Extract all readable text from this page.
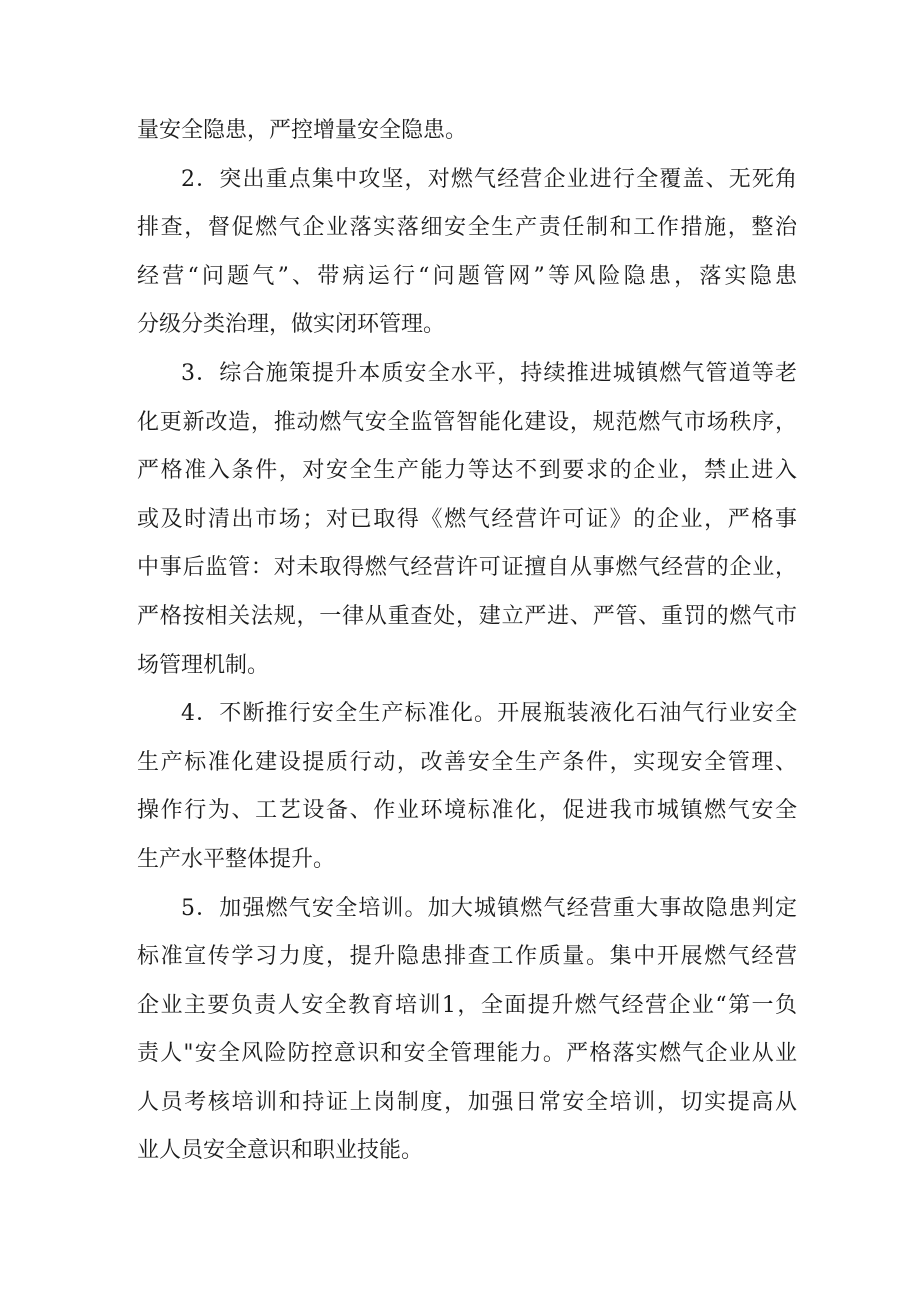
量安全隐患，严控增量安全隐患。
2．突出重点集中攻坚，对燃气经营企业进行全覆盖、无死角
排查，督促燃气企业落实落细安全生产责任制和工作措施，整治
经营“问题气”、带病运行“问题管网”等风险隐患，落实隐患
分级分类治理，做实闭环管理。
3．综合施策提升本质安全水平，持续推进城镇燃气管道等老
化更新改造，推动燃气安全监管智能化建设，规范燃气市场秩序，
严格准入条件，对安全生产能力等达不到要求的企业，禁止进入
或及时清出市场；对已取得《燃气经营许可证》的企业，严格事
中事后监管：对未取得燃气经营许可证擅自从事燃气经营的企业，
严格按相关法规，一律从重查处，建立严进、严管、重罚的燃气市
场管理机制。
4．不断推行安全生产标准化。开展瓶装液化石油气行业安全
生产标准化建设提质行动，改善安全生产条件，实现安全管理、
操作行为、工艺设备、作业环境标准化，促进我市城镇燃气安全
生产水平整体提升。
5．加强燃气安全培训。加大城镇燃气经营重大事故隐患判定
标准宣传学习力度，提升隐患排查工作质量。集中开展燃气经营
企业主要负责人安全教育培训1，全面提升燃气经营企业“第一负
责人"安全风险防控意识和安全管理能力。严格落实燃气企业从业
人员考核培训和持证上岗制度，加强日常安全培训，切实提高从
业人员安全意识和职业技能。
